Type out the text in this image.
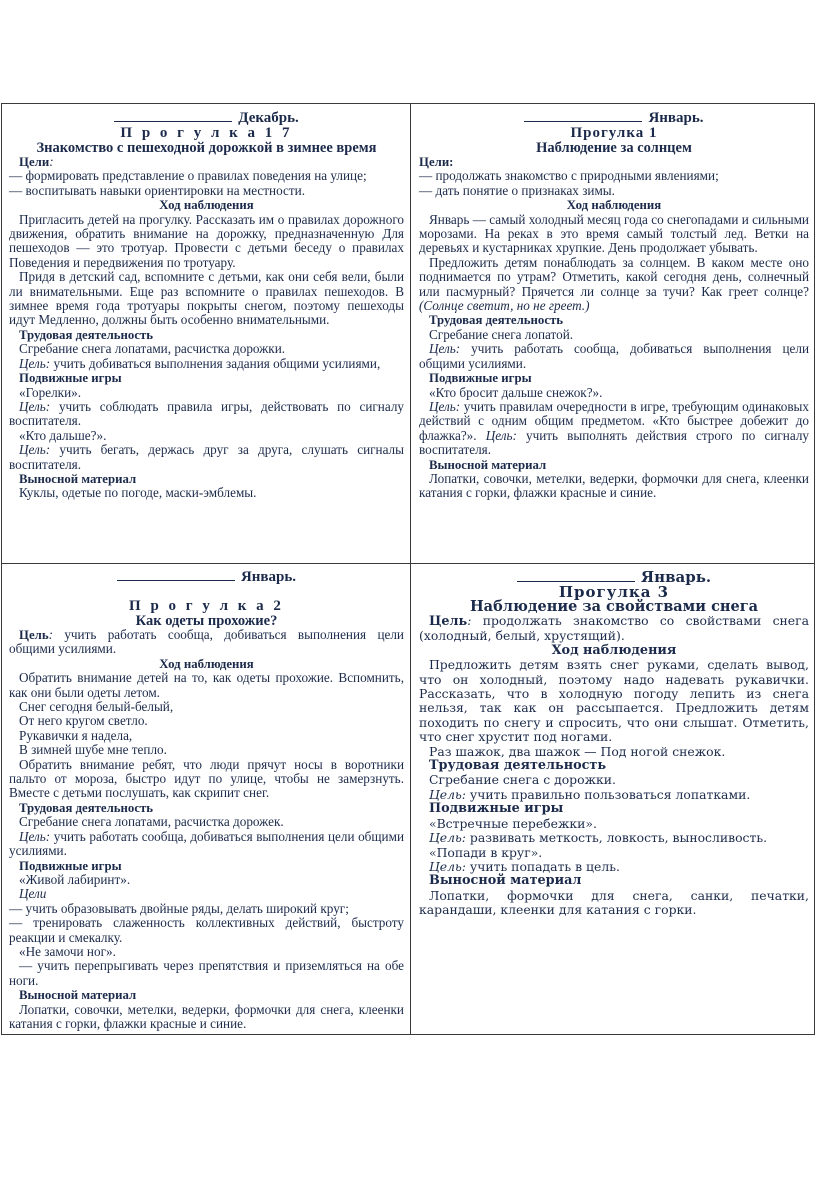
Декабрь.
П р о г у л к а 1 7
Знакомство с пешеходной дорожкой в зимнее время

Цели:

— формировать представление о правилах поведения на улице;

— воспитывать навыки ориентировки на местности.

Ход наблюдения

Пригласить детей на прогулку. Рассказать им о правилах дорожного движения, обратить внимание на дорожку, предназначенную Для пешеходов — это тротуар. Провести с детьми беседу о правилах Поведения и передвижения по тротуару.

Придя в детский сад, вспомните с детьми, как они себя вели, были ли внимательными. Еще раз вспомните о правилах пешеходов. В зимнее время года тротуары покрыты снегом, поэтому пешеходы идут Медленно, должны быть особенно внимательными.

Трудовая деятельность

Сгребание снега лопатами, расчистка дорожки.

Цель: учить добиваться выполнения задания общими усилиями,

Подвижные игры

«Горелки».

Цель: учить соблюдать правила игры, действовать по сигналу воспитателя.

«Кто дальше?».

Цель: учить бегать, держась друг за друга, слушать сигналы воспитателя.

Выносной материал

Куклы, одетые по погоде, маски-эмблемы.

Январь.
Прогулка 1
Наблюдение за солнцем

Цели:

— продолжать знакомство с природными явлениями;

— дать понятие о признаках зимы.

Ход наблюдения

Январь — самый холодный месяц года со снегопадами и сильными морозами. На реках в это время самый толстый лед. Ветки на деревьях и кустарниках хрупкие. День продолжает убывать.

Предложить детям понаблюдать за солнцем. В каком месте оно поднимается по утрам? Отметить, какой сегодня день, солнечный или пасмурный? Прячется ли солнце за тучи? Как греет солнце? (Солнце светит, но не греет.)

Трудовая деятельность

Сгребание снега лопатой.

Цель: учить работать сообща, добиваться выполнения цели общими усилиями.

Подвижные игры

«Кто бросит дальше снежок?».

Цель: учить правилам очередности в игре, требующим одинаковых действий с одним общим предметом. «Кто быстрее добежит до флажка?». Цель: учить выполнять действия строго по сигналу воспитателя.

Выносной материал

Лопатки, совочки, метелки, ведерки, формочки для снега, клеенки катания с горки, флажки красные и синие.

Январь.
П р о г у л к а 2
Как одеты прохожие?

Цель: учить работать сообща, добиваться выполнения цели общими усилиями.

Ход наблюдения

Обратить внимание детей на то, как одеты прохожие. Вспомнить, как они были одеты летом.

Снег сегодня белый-белый,

От него кругом светло.

Рукавички я надела,

В зимней шубе мне тепло.

Обратить внимание ребят, что люди прячут носы в воротники пальто от мороза, быстро идут по улице, чтобы не замерзнуть. Вместе с детьми послушать, как скрипит снег.

Трудовая деятельность

Сгребание снега лопатами, расчистка дорожек.

Цель: учить работать сообща, добиваться выполнения цели общими усилиями.

Подвижные игры

«Живой лабиринт».

Цели

— учить образовывать двойные ряды, делать широкий круг;

— тренировать слаженность коллективных действий, быстроту реакции и смекалку.

«Не замочи ног».

— учить перепрыгивать через препятствия и приземляться на обе ноги.

Выносной материал

Лопатки, совочки, метелки, ведерки, формочки для снега, клеенки катания с горки, флажки красные и синие.

Январь.
Прогулка 3
Наблюдение за свойствами снега

Цель: продолжать знакомство со свойствами снега (холодный, белый, хрустящий).

Ход наблюдения

Предложить детям взять снег руками, сделать вывод, что он холодный, поэтому надо надевать рукавички. Рассказать, что в холодную погоду лепить из снега нельзя, так как он рассыпается. Предложить детям походить по снегу и спросить, что они слышат. Отметить, что снег хрустит под ногами.

Раз шажок, два шажок — Под ногой снежок.

Трудовая деятельность

Сгребание снега с дорожки.

Цель: учить правильно пользоваться лопатками.

Подвижные игры

«Встречные перебежки».

Цель: развивать меткость, ловкость, выносливость.

«Попади в круг».

Цель: учить попадать в цель.

Выносной материал

Лопатки, формочки для снега, санки, печатки, карандаши, клеенки для катания с горки.
